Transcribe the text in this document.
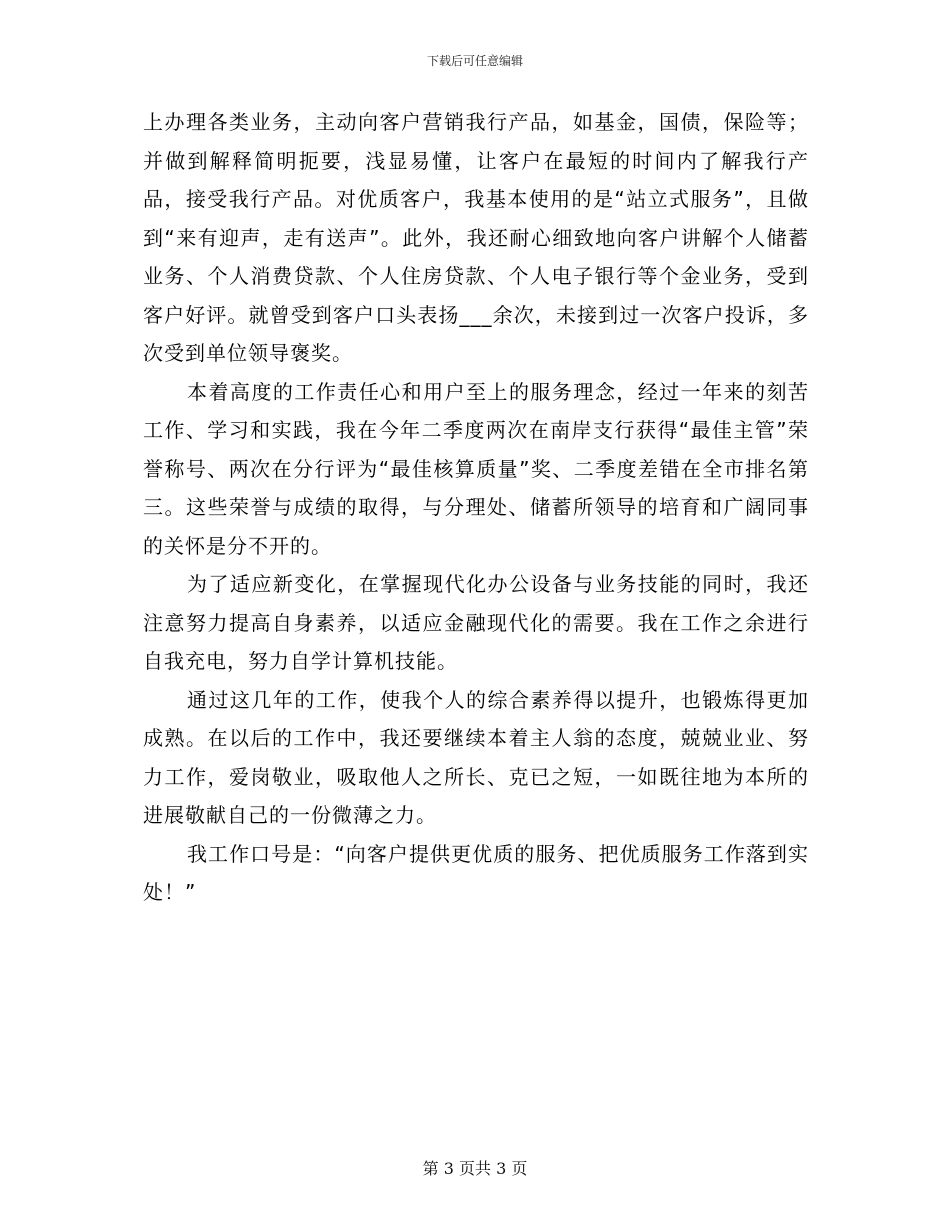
下载后可任意编辑

上办理各类业务，主动向客户营销我行产品，如基金，国债，保险等；并做到解释简明扼要，浅显易懂，让客户在最短的时间内了解我行产品，接受我行产品。对优质客户，我基本使用的是“站立式服务”，且做到“来有迎声，走有送声”。此外，我还耐心细致地向客户讲解个人储蓄业务、个人消费贷款、个人住房贷款、个人电子银行等个金业务，受到客户好评。就曾受到客户口头表扬___余次，未接到过一次客户投诉，多次受到单位领导褒奖。

本着高度的工作责任心和用户至上的服务理念，经过一年来的刻苦工作、学习和实践，我在今年二季度两次在南岸支行获得“最佳主管”荣誉称号、两次在分行评为“最佳核算质量”奖、二季度差错在全市排名第三。这些荣誉与成绩的取得，与分理处、储蓄所领导的培育和广阔同事的关怀是分不开的。

为了适应新变化，在掌握现代化办公设备与业务技能的同时，我还注意努力提高自身素养，以适应金融现代化的需要。我在工作之余进行自我充电，努力自学计算机技能。

通过这几年的工作，使我个人的综合素养得以提升，也锻炼得更加成熟。在以后的工作中，我还要继续本着主人翁的态度，兢兢业业、努力工作，爱岗敬业，吸取他人之所长、克已之短，一如既往地为本所的进展敬献自己的一份微薄之力。

我工作口号是：“向客户提供更优质的服务、把优质服务工作落到实处！”

第 3 页共 3 页
